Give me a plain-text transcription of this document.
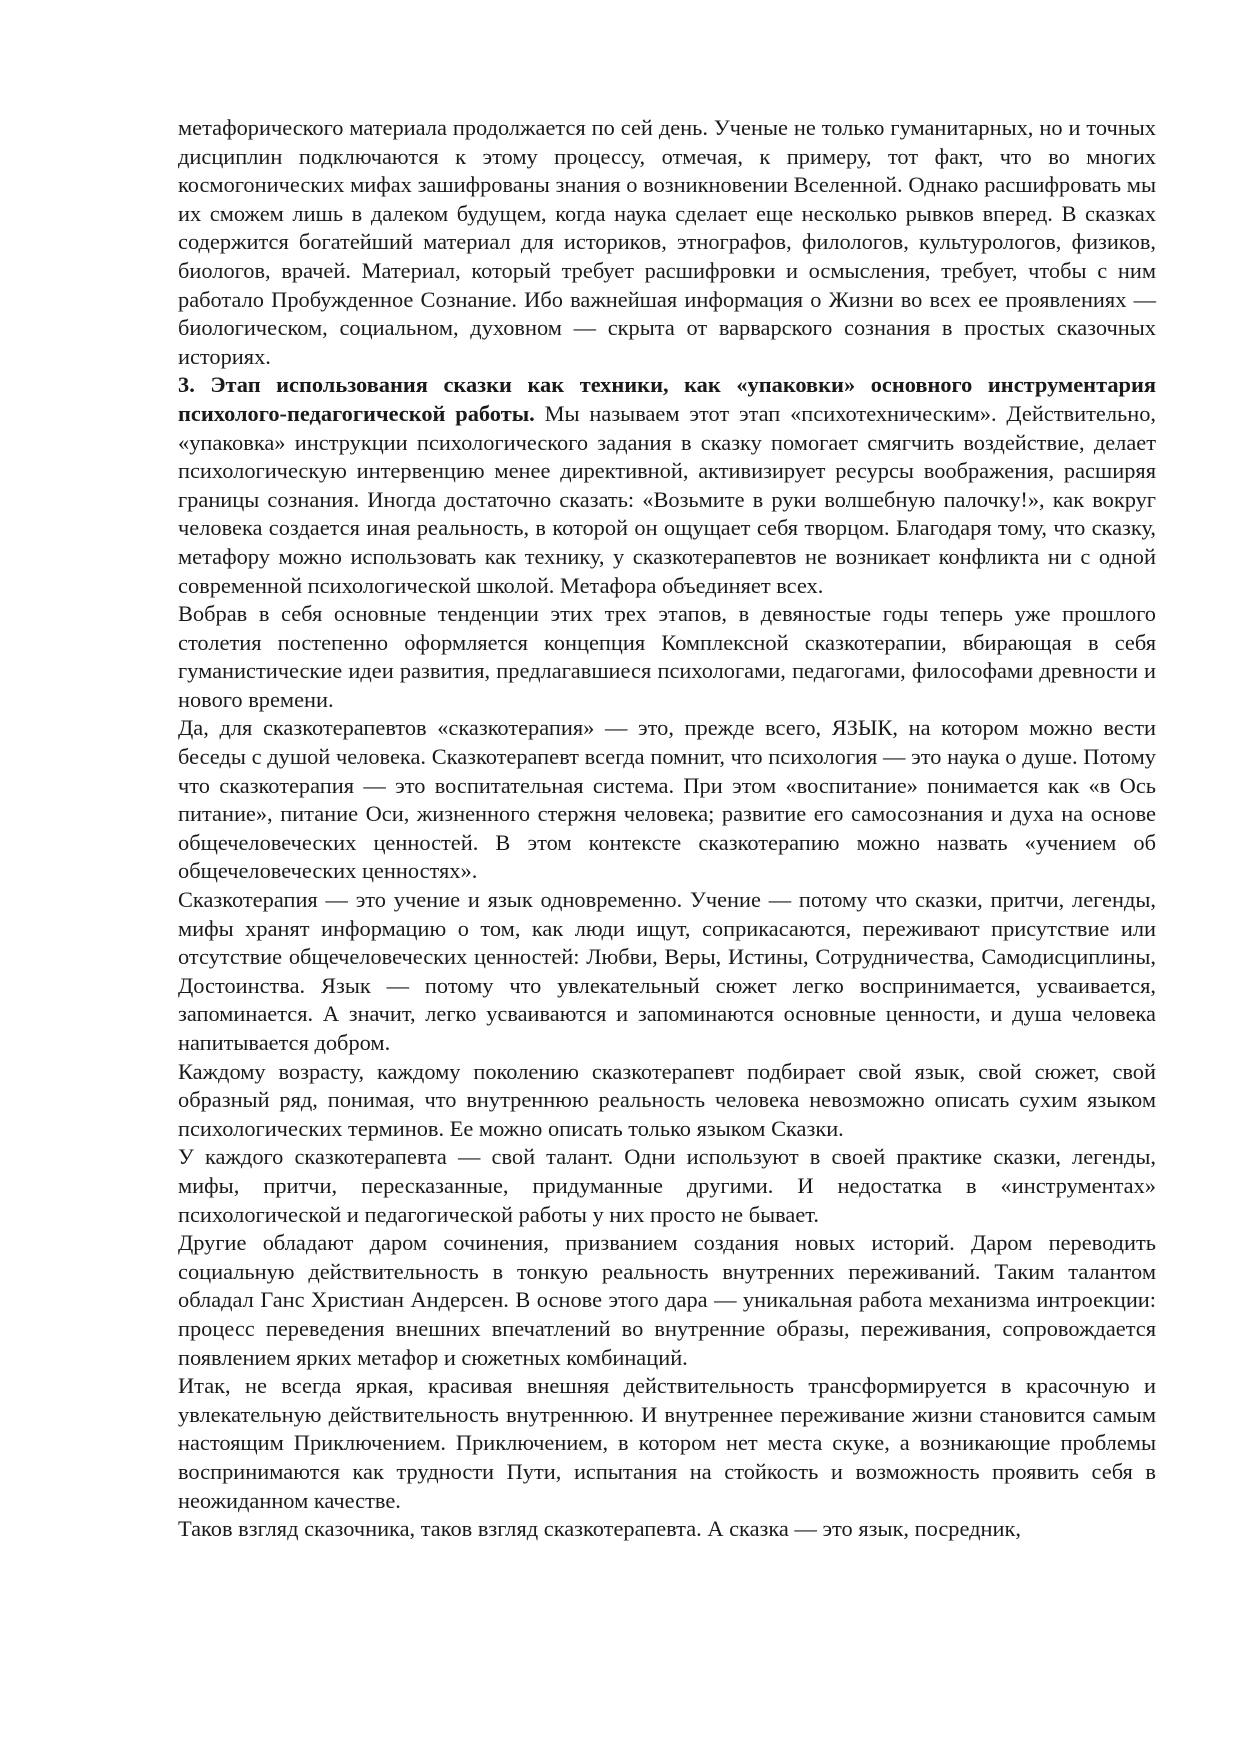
метафорического материала продолжается по сей день. Ученые не только гуманитарных, но и точных дисциплин подключаются к этому процессу, отмечая, к примеру, тот факт, что во многих космогонических мифах зашифрованы знания о возникновении Вселенной. Однако расшифровать мы их сможем лишь в далеком будущем, когда наука сделает еще несколько рывков вперед. В сказках содержится богатейший материал для историков, этнографов, филологов, культурологов, физиков, биологов, врачей. Материал, который требует расшифровки и осмысления, требует, чтобы с ним работало Пробужденное Сознание. Ибо важнейшая информация о Жизни во всех ее проявлениях — биологическом, социальном, духовном — скрыта от варварского сознания в простых сказочных историях.

3. Этап использования сказки как техники, как «упаковки» основного инструментария психолого-педагогической работы. Мы называем этот этап «психотехническим». Действительно, «упаковка» инструкции психологического задания в сказку помогает смягчить воздействие, делает психологическую интервенцию менее директивной, активизирует ресурсы воображения, расширяя границы сознания. Иногда достаточно сказать: «Возьмите в руки волшебную палочку!», как вокруг человека создается иная реальность, в которой он ощущает себя творцом. Благодаря тому, что сказку, метафору можно использовать как технику, у сказкотерапевтов не возникает конфликта ни с одной современной психологической школой. Метафора объединяет всех.

Вобрав в себя основные тенденции этих трех этапов, в девяностые годы теперь уже прошлого столетия постепенно оформляется концепция Комплексной сказкотерапии, вбирающая в себя гуманистические идеи развития, предлагавшиеся психологами, педагогами, философами древности и нового времени.

Да, для сказкотерапевтов «сказкотерапия» — это, прежде всего, ЯЗЫК, на котором можно вести беседы с душой человека. Сказкотерапевт всегда помнит, что психология — это наука о душе. Потому что сказкотерапия — это воспитательная система. При этом «воспитание» понимается как «в Ось питание», питание Оси, жизненного стержня человека; развитие его самосознания и духа на основе общечеловеческих ценностей. В этом контексте сказкотерапию можно назвать «учением об общечеловеческих ценностях».

Сказкотерапия — это учение и язык одновременно. Учение — потому что сказки, притчи, легенды, мифы хранят информацию о том, как люди ищут, соприкасаются, переживают присутствие или отсутствие общечеловеческих ценностей: Любви, Веры, Истины, Сотрудничества, Самодисциплины, Достоинства. Язык — потому что увлекательный сюжет легко воспринимается, усваивается, запоминается. А значит, легко усваиваются и запоминаются основные ценности, и душа человека напитывается добром.

Каждому возрасту, каждому поколению сказкотерапевт подбирает свой язык, свой сюжет, свой образный ряд, понимая, что внутреннюю реальность человека невозможно описать сухим языком психологических терминов. Ее можно описать только языком Сказки.

У каждого сказкотерапевта — свой талант. Одни используют в своей практике сказки, легенды, мифы, притчи, пересказанные, придуманные другими. И недостатка в «инструментах» психологической и педагогической работы у них просто не бывает.

Другие обладают даром сочинения, призванием создания новых историй. Даром переводить социальную действительность в тонкую реальность внутренних переживаний. Таким талантом обладал Ганс Христиан Андерсен. В основе этого дара — уникальная работа механизма интроекции: процесс переведения внешних впечатлений во внутренние образы, переживания, сопровождается появлением ярких метафор и сюжетных комбинаций.

Итак, не всегда яркая, красивая внешняя действительность трансформируется в красочную и увлекательную действительность внутреннюю. И внутреннее переживание жизни становится самым настоящим Приключением. Приключением, в котором нет места скуке, а возникающие проблемы воспринимаются как трудности Пути, испытания на стойкость и возможность проявить себя в неожиданном качестве.

Таков взгляд сказочника, таков взгляд сказкотерапевта. А сказка — это язык, посредник,
